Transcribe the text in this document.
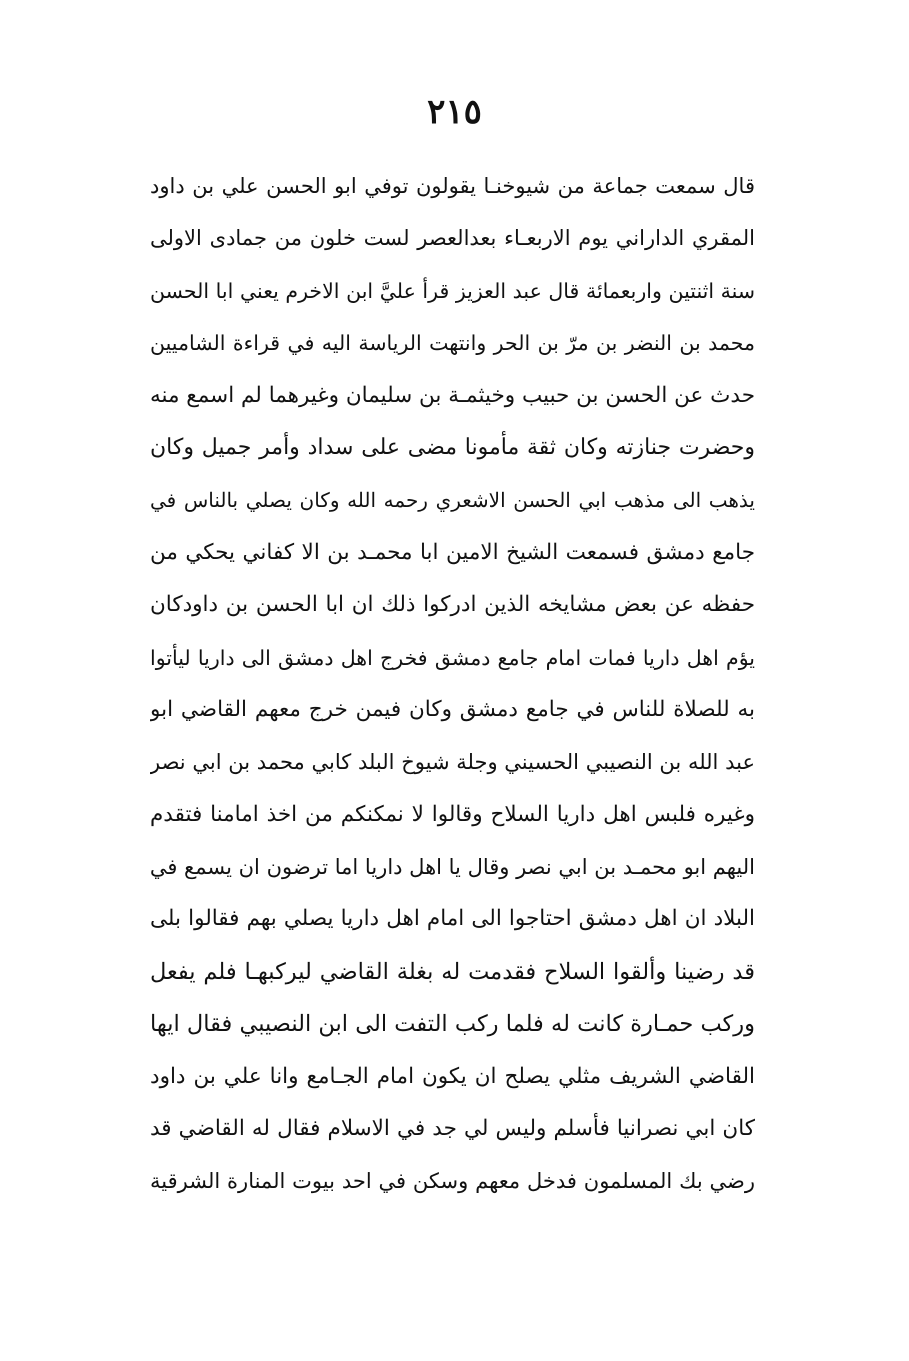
٢١٥
قال سمعت جماعة من شيوخنـا يقولون توفي ابو الحسن علي بن داود
المقري الداراني يوم الاربعـاء بعدالعصر لست خلون من جمادى الاولى
سنة اثنتين واربعمائة قال عبد العزيز قرأ عليَّ ابن الاخرم يعني ابا الحسن
محمد بن النضر بن مرّ بن الحر وانتهت الرياسة اليه في قراءة الشاميين
حدث عن الحسن بن حبيب وخيثمـة بن سليمان وغيرهما لم اسمع منه
وحضرت جنازته وكان ثقة مأمونا مضى على سداد وأمر جميل وكان
يذهب الى مذهب ابي الحسن الاشعري رحمه الله وكان يصلي بالناس في
جامع دمشق فسمعت الشيخ الامين ابا محمـد بن الا كفاني يحكي من
حفظه عن بعض مشايخه الذين ادركوا ذلك ان ابا الحسن بن داودكان
يؤم اهل داريا فمات امام جامع دمشق فخرج اهل دمشق الى داريا ليأتوا
به للصلاة للناس في جامع دمشق وكان فيمن خرج معهم القاضي ابو
عبد الله بن النصيبي الحسيني وجلة شيوخ البلد كابي محمد بن ابي نصر
وغيره فلبس اهل داريا السلاح وقالوا لا نمكنكم من اخذ امامنا فتقدم
اليهم ابو محمـد بن ابي نصر وقال يا اهل داريا اما ترضون ان يسمع في
البلاد ان اهل دمشق احتاجوا الى امام اهل داريا يصلي بهم فقالوا بلى
قد رضينا وألقوا السلاح فقدمت له بغلة القاضي ليركبهـا فلم يفعل
وركب حمـارة كانت له فلما ركب التفت الى ابن النصيبي فقال ايها
القاضي الشريف مثلي يصلح ان يكون امام الجـامع وانا علي بن داود
كان ابي نصرانيا فأسلم وليس لي جد في الاسلام فقال له القاضي قد
رضي بك المسلمون فدخل معهم وسكن في احد بيوت المنارة الشرقية
